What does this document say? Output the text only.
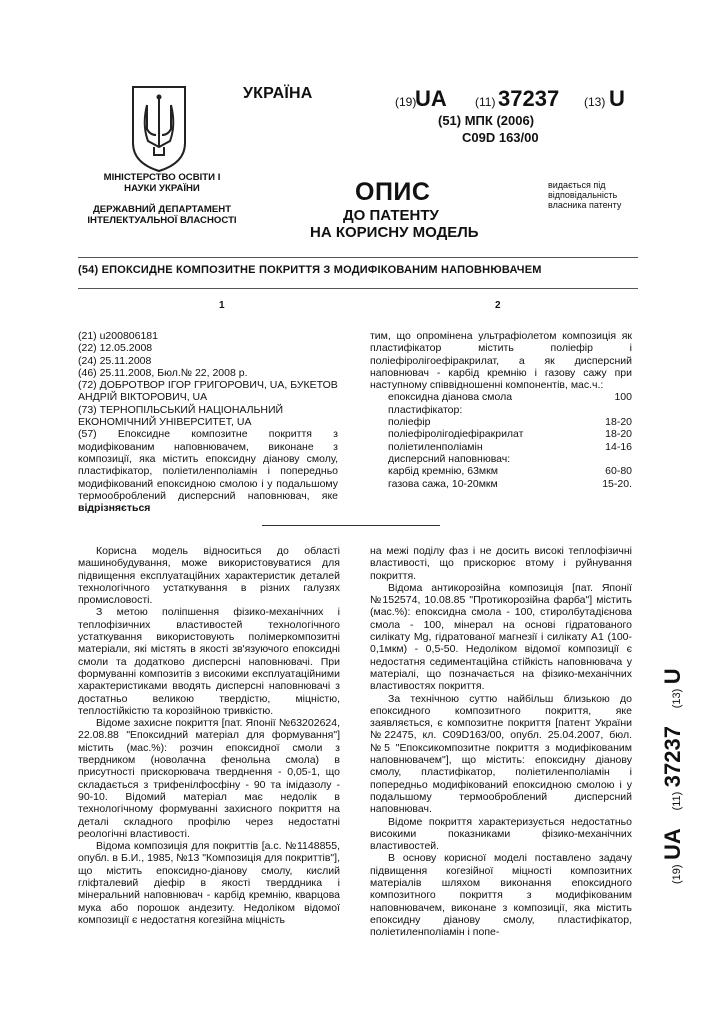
МІНІСТЕРСТВО ОСВІТИ І НАУКИ УКРАЇНИ
ДЕРЖАВНИЙ ДЕПАРТАМЕНТ ІНТЕЛЕКТУАЛЬНОЇ ВЛАСНОСТІ
УКРАЇНА	(19)
UA (11) 37237 (13) U
(51) МПК (2006)
C09D 163/00
ОПИС
ДО ПАТЕНТУ
НА КОРИСНУ МОДЕЛЬ
видається під відповідальність власника патенту
(54) ЕПОКСИДНЕ КОМПОЗИТНЕ ПОКРИТТЯ З МОДИФІКОВАНИМ НАПОВНЮВАЧЕМ
1	2
(21) u200806181
(22) 12.05.2008
(24) 25.11.2008
(46) 25.11.2008, Бюл.№ 22, 2008 р.
(72) ДОБРОТВОР ІГОР ГРИГОРОВИЧ, UA, БУКЕТОВ АНДРІЙ ВІКТОРОВИЧ, UA
(73) ТЕРНОПІЛЬСЬКИЙ НАЦІОНАЛЬНИЙ ЕКОНОМІЧНИЙ УНІВЕРСИТЕТ, UA
(57) Епоксидне композитне покриття з модифікованим наповнювачем, виконане з композиції, яка містить епоксидну діанову смолу, пластифікатор, поліетиленполіамін і попередньо модифікований епоксидною смолою і у подальшому термооброблений дисперсний наповнювач, яке відрізняється
тим, що опромінена ультрафіолетом композиція як пластифікатор містить поліефір і поліефіролігоефіракрилат, а як дисперсний наповнювач - карбід кремнію і газову сажу при наступному співвідношенні компонентів, мас.ч.:
епоксидна діанова смола	100
пластифікатор:	
поліефір	18-20
поліефіролігодіефіракрилат	18-20
поліетиленполіамін	14-16
дисперсний наповнювач:	
карбід кремнію, 63мкм	60-80
газова сажа, 10-20мкм	15-20.

Корисна модель відноситься до області машинобудування, може використовуватися для підвищення експлуатаційних характеристик деталей технологічного устаткування в різних галузях промисловості.

З метою поліпшення фізико-механічних і теплофізичних властивостей технологічного устаткування використовують полімеркомпозитні матеріали, які містять в якості зв'язуючого епоксидні смоли та додатково дисперсні наповнювачі. При формуванні композитів з високими експлуатаційними характеристиками вводять дисперсні наповнювачі з достатньо великою твердістю, міцністю, теплостійкістю та корозійною тривкістю.

Відоме захисне покриття [пат. Японії №63202624, 22.08.88 "Епоксидний матеріал для формування"] містить (мас.%): розчин епоксидної смоли з твердником (новолачна фенольна смола) в присутності прискорювача тверднення - 0,05-1, що складається з трифенілфосфіну - 90 та імідазолу - 90-10. Відомий матеріал має недолік в технологічному формуванні захисного покриття на деталі складного профілю через недостатні реологічні властивості.

Відома композиція для покриттів [а.с. №1148855, опубл. в Б.И., 1985, №13 "Композиція для покриттів"], що містить епоксидно-діанову смолу, кислий гліфталевий діефір в якості тверддника і мінеральний наповнювач - карбід кремнію, кварцова мука або порошок андезиту. Недоліком відомої композиції є недостатня когезійна міцність

на межі поділу фаз і не досить високі теплофізичні властивості, що прискорює втому і руйнування покриття.

Відома антикорозійна композиція [пат. Японії №152574, 10.08.85 "Протикорозійна фарба"] містить (мас.%): епоксидна смола - 100, стиролбутадієнова смола - 100, мінерал на основі гідратованого силікату Mg, гідратованої магнезії і силікату А1 (100-0,1мкм) - 0,5-50. Недоліком відомої композиції є недостатня седиментаційна стійкість наповнювача у матеріалі, що позначається на фізико-механічних властивостях покриття.

За технічною суттю найбільш близькою до епоксидного композитного покриття, яке заявляється, є композитне покриття [патент України №22475, кл. C09D163/00, опубл. 25.04.2007, бюл. №5 "Епоксикомпозитне покриття з модифікованим наповнювачем"], що містить: епоксидну діанову смолу, пластифікатор, поліетиленполіамін і попередньо модифікований епоксидною смолою і у подальшому термооброблений дисперсний наповнювач.

Відоме покриття характеризується недостатньо високими показниками фізико-механічних властивостей.

В основу корисної моделі поставлено задачу підвищення когезійної міцності композитних матеріалів шляхом виконання епоксидного композитного покриття з модифікованим наповнювачем, виконане з композиції, яка містить епоксидну діанову смолу, пластифікатор, поліетиленполіамін і попе-

(19) UA    (11) 37237    (13) U
